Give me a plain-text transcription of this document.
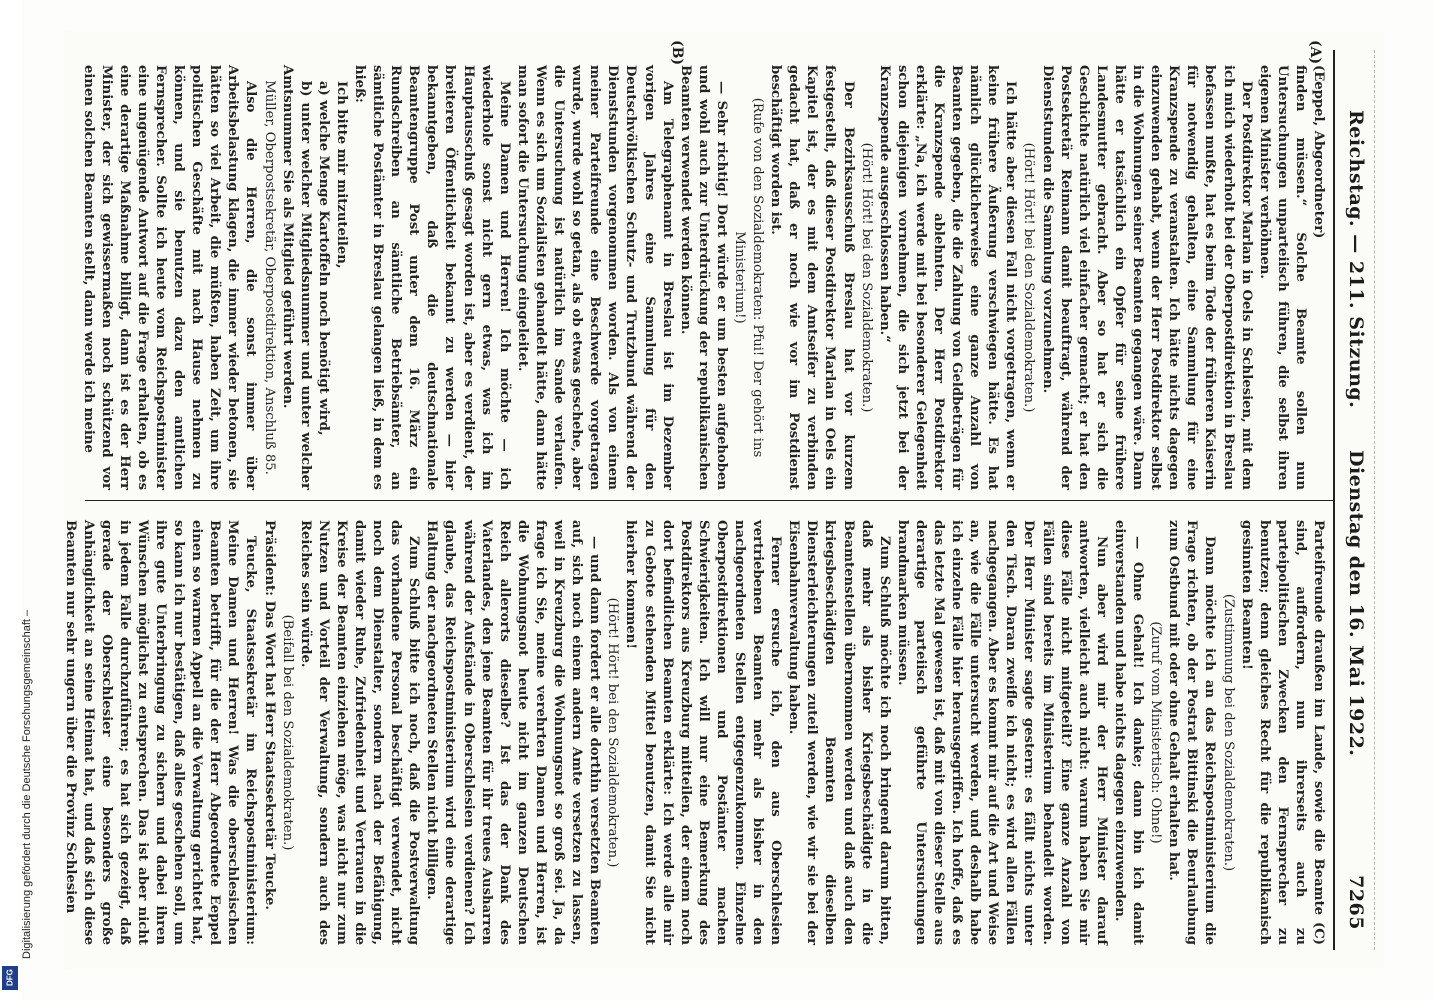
Reichstag. — 211. Sitzung.
Dienstag den 16. Mai 1922.
7265
(A)
(B)

(Eeppel, Abgeordneter)

finden müssen.“ Solche Beamte sollen nun Untersuchungen unparteiisch führen, die selbst ihren eigenen Minister verhöhnen.

Der Postdirektor Marlan in Oels in Schlesien, mit dem ich mich wiederholt bei der Oberpostdirektion in Breslau befassen mußte, hat es beim Tode der früheren Kaiserin für notwendig gehalten, eine Sammlung für eine Kranzspende zu veranstalten. Ich hätte nichts dagegen einzuwenden gehabt, wenn der Herr Postdirektor selbst in die Wohnungen seiner Beamten gegangen wäre. Dann hätte er tatsächlich ein Opfer für seine frühere Landesmutter gebracht. Aber so hat er sich die Geschichte natürlich viel einfacher gemacht; er hat den Postsekretär Reimann damit beauftragt, während der Dienststunden die Sammlung vorzunehmen.

(Hört! Hört! bei den Sozialdemokraten.)

Ich hätte aber diesen Fall nicht vorgetragen, wenn er keine frühere Äußerung verschwiegen hätte. Es hat nämlich glücklicherweise eine ganze Anzahl von Beamten gegeben, die die Zahlung von Geldbeträgen für die Kranzspende ablehnten. Der Herr Postdirektor erklärte: „Na, ich werde mit bei besonderer Gelegenheit schon diejenigen vornehmen, die sich jetzt bei der Kranzspende ausgeschlossen haben.“

(Hört! Hört! bei den Sozialdemokraten.)

Der Bezirksausschuß Breslau hat vor kurzem festgestellt, daß dieser Postdirektor Marlan in Oels ein Kapitel ist, der es mit dem Amtseifer zu verbinden gedacht hat, daß er noch wie vor im Postdienst beschäftigt worden ist.

(Rufe von den Sozialdemokraten: Pfui! Der gehört ins Ministerium!)

— Sehr richtig! Dort würde er um besten aufgehoben und wohl auch zur Unterdrückung der republikanischen Beamten verwendet werden können.

Am Telegraphenamt in Breslau ist im Dezember vorigen Jahres eine Sammlung für den Deutschvölkischen Schutz- und Trutzbund während der Dienststunden vorgenommen worden. Als von einem meiner Parteifreunde eine Beschwerde vorgetragen wurde, wurde wohl so getan, als ob etwas geschehe, aber die Untersuchung ist natürlich im Sande verlaufen. Wenn es sich um Sozialisten gehandelt hätte, dann hätte man sofort die Untersuchung eingeleitet.

Meine Damen und Herren! Ich möchte — ich wiederhole sonst nicht gern etwas, was ich im Hauptausschuß gesagt worden ist, aber es verdient, der breiteren Öffentlichkeit bekannt zu werden — hier bekanntgeben, daß die deutschnationale Beamtengruppe Post unter dem 16. März ein Rundschreiben an sämtliche Betriebsämter, an sämtliche Postämter in Breslau gelangen ließ, in dem es hieß:

Ich bitte mir mitzuteilen,

a) welche Menge Kartoffeln noch benötigt wird,

b) unter welcher Mitgliedsnummer und unter welcher Amtsnummer Sie als Mitglied geführt werden.

Müller, Oberpostsekretär, Oberpostdirektion, Anschluß 85.

Also die Herren, die sonst immer über Arbeitsbelastung klagen, die immer wieder betonen, sie hätten so viel Arbeit, die müßten, haben Zeit, um ihre politischen Geschäfte mit nach Hause nehmen zu können, und sie benutzen dazu den amtlichen Fernsprecher. Sollte ich heute vom Reichspostminister eine ungenügende Antwort auf die Frage erhalten, ob es eine derartige Maßnahme billigt, dann ist es der Herr Minister, der sich gewissermaßen noch schützend vor einen solchen Beamten stellt, dann werde ich meine

Parteifreunde draußen im Lande, sowie die Beamte (C) sind, auffordern, nun ihrerseits auch zu parteipolitischen Zwecken den Fernsprecher zu benutzen; denn gleiches Recht für die republikanisch gesinnten Beamten!

(Zustimmung bei den Sozialdemokraten.)

Dann möchte ich an das Reichspostministerium die Frage richten, ob der Postrat Bittinski die Beurlaubung zum Ostbund mit oder ohne Gehalt erhalten hat.

(Zuruf vom Ministertisch: Ohne!)

— Ohne Gehalt! Ich danke; dann bin ich damit einverstanden und habe nichts dagegen einzuwenden.

Nun aber wird mir der Herr Minister darauf antworten, vielleicht auch nicht: warum haben Sie mir diese Fälle nicht mitgeteilt? Eine ganze Anzahl von Fällen sind bereits im Ministerium behandelt worden. Der Herr Minister sagte gestern: es fällt nichts unter den Tisch. Daran zweifle ich nicht; es wird allen Fällen nachgegangen. Aber es kommt mir auf die Art und Weise an, wie die Fälle untersucht werden, und deshalb habe ich einzelne Fälle hier herausgegriffen. Ich hoffe, daß es das letzte Mal gewesen ist, daß mit von dieser Stelle aus derartige parteiisch geführte Untersuchungen brandmarken müssen.

Zum Schluß möchte ich noch bringend darum bitten, daß mehr als bisher Kriegsbeschädigte in die Beamtenstellen übernommen werden und daß auch den kriegsbeschädigten Beamten dieselben Diensterleichterungen zuteil werden, wie wir sie bei der Eisenbahnverwaltung haben.

Ferner ersuche ich, den aus Oberschlesien vertriebenen Beamten mehr als bisher in den nachgeordneten Stellen entgegenzukommen. Einzelne Oberpostdirektionen und Postämter machen Schwierigkeiten. Ich will nur eine Bemerkung des Postdirektors aus Kreuzburg mitteilen, der einem noch dort befindlichen Beamten erklärte: Ich werde alle mir zu Gebote stehenden Mittel benutzen, damit Sie nicht hierher kommen!

(Hört! Hört! bei den Sozialdemokraten.)

— und dann fordert er alle dorthin versetzten Beamten auf, sich noch einem andern Amte versetzen zu lassen, weil in Kreuzburg die Wohnungsnot so groß sei. Ja, da frage ich Sie, meine verehrten Damen und Herren, ist die Wohnungsnot heute nicht im ganzen Deutschen Reich allerorts dieselbe? Ist das der Dank des Vaterlandes, den jene Beamten für ihr treues Ausharren während der Aufstände in Oberschlesien verdienen? Ich glaube, das Reichspostministerium wird eine derartige Haltung der nachgeordneten Stellen nicht billigen.

Zum Schluß bitte ich noch, daß die Postverwaltung das vorhandene Personal beschäftigt verwendet, nicht noch dem Dienstalter, sondern nach der Befähigung, damit wieder Ruhe, Zufriedenheit und Vertrauen in die Kreise der Beamten einziehen möge, was nicht nur zum Nutzen und Vorteil der Verwaltung, sondern auch des Reiches sein würde.

(Beifall bei den Sozialdemokraten.)

Präsident: Das Wort hat Herr Staatssekretär Teucke.

Teucke, Staatssekretär im Reichspostministerium: Meine Damen und Herren! Was die oberschlesischen Beamten betrifft, für die der Herr Abgeordnete Eeppel einen so warmen Appell an die Verwaltung gerichtet hat, so kann ich nur bestätigen, daß alles geschehen soll, um ihre gute Unterbringung zu sichern und dabei ihren Wünschen möglichst zu entsprechen. Das ist aber nicht in jedem Falle durchzuführen; es hat sich gezeigt, daß gerade der Oberschlesier eine besonders große Anhänglichkeit an seine Heimat hat, und daß sich diese Beamten nur sehr ungern über die Provinz Schlesien

Digitalisierung gefördert durch die Deutsche Forschungsgemeinschaft –
DFG
